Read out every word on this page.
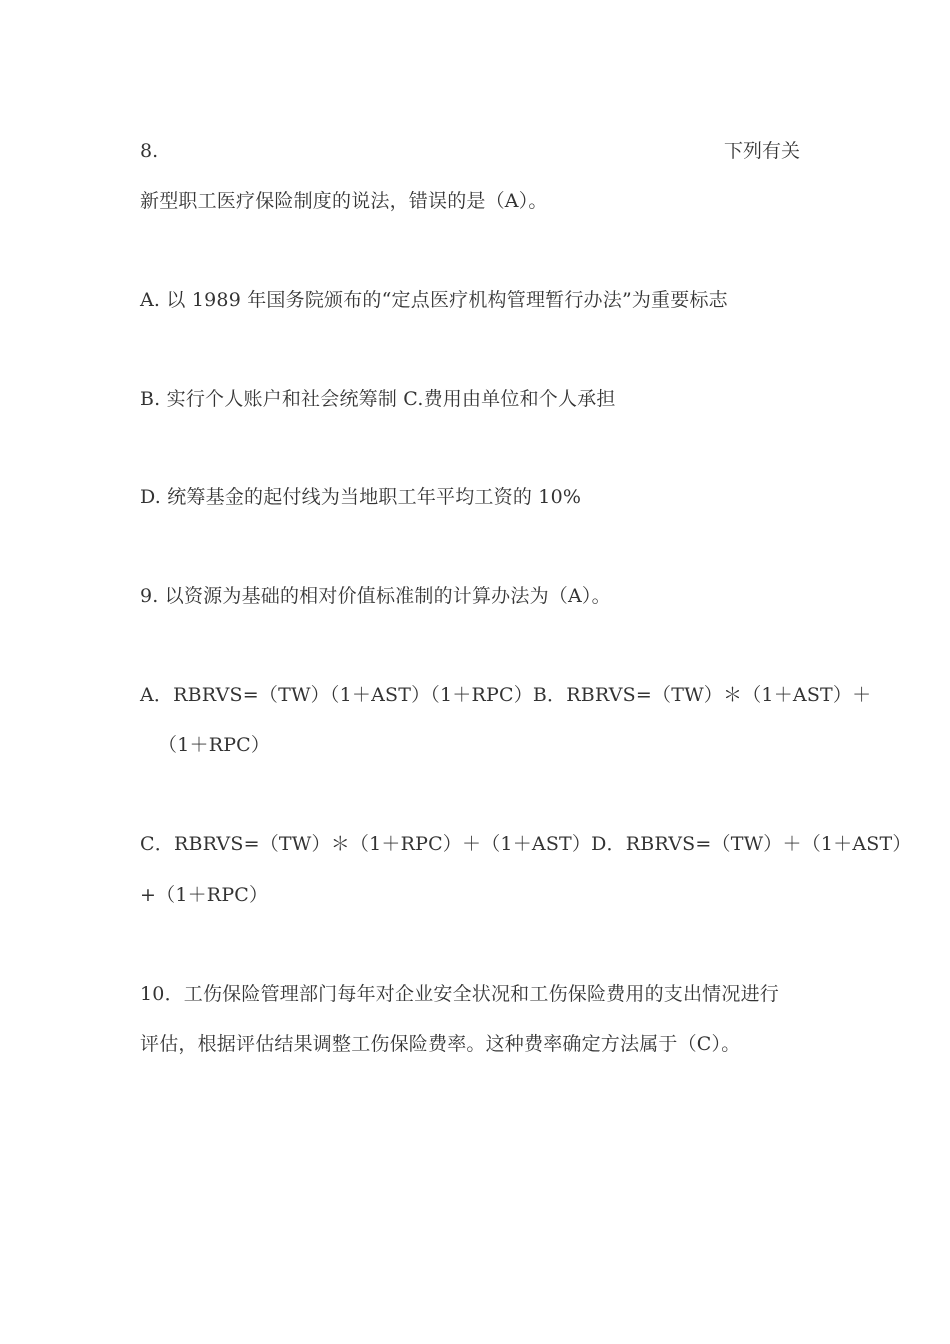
8.	下列有关
新型职工医疗保险制度的说法，错误的是（A）。
A. 以 1989 年国务院颁布的“定点医疗机构管理暂行办法”为重要标志
B. 实行个人账户和社会统筹制 C.费用由单位和个人承担
D. 统筹基金的起付线为当地职工年平均工资的 10%
9. 以资源为基础的相对价值标准制的计算办法为（A）。
A．RBRVS=（TW）（1＋AST）（1＋RPC）B．RBRVS=（TW）＊（1＋AST）＋
（1＋RPC）
C．RBRVS=（TW）＊（1＋RPC）＋（1＋AST）D．RBRVS=（TW）＋（1＋AST）
+（1＋RPC）
10．工伤保险管理部门每年对企业安全状况和工伤保险费用的支出情况进行
评估，根据评估结果调整工伤保险费率。这种费率确定方法属于（C）。
